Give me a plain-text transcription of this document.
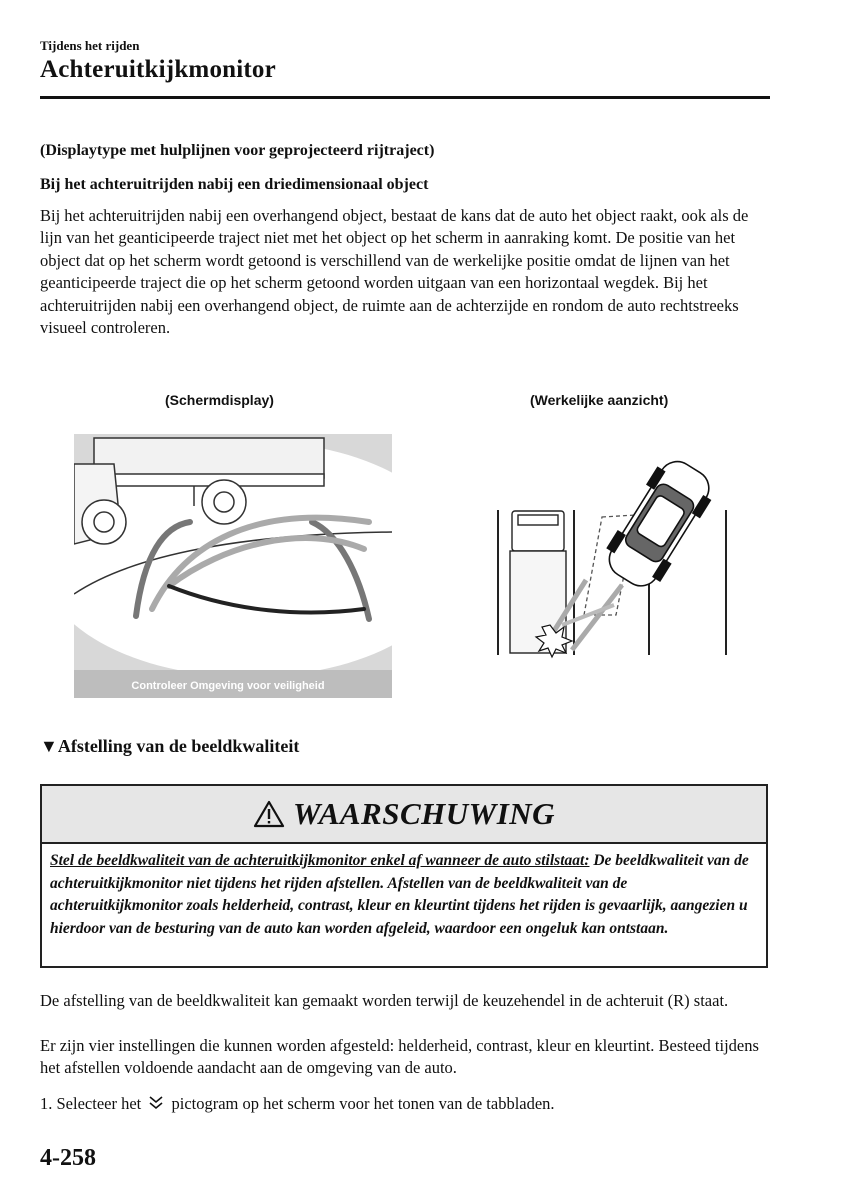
Tijdens het rijden
Achteruitkijkmonitor
(Displaytype met hulplijnen voor geprojecteerd rijtraject)
Bij het achteruitrijden nabij een driedimensionaal object
Bij het achteruitrijden nabij een overhangend object, bestaat de kans dat de auto het object raakt, ook als de lijn van het geanticipeerde traject niet met het object op het scherm in aanraking komt. De positie van het object dat op het scherm wordt getoond is verschillend van de werkelijke positie omdat de lijnen van het geanticipeerde traject die op het scherm getoond worden uitgaan van een horizontaal wegdek. Bij het achteruitrijden nabij een overhangend object, de ruimte aan de achterzijde en rondom de auto rechtstreeks visueel controleren.
(Schermdisplay)	(Werkelijke aanzicht)
Controleer Omgeving voor veiligheid
▼Afstelling van de beeldkwaliteit
WAARSCHUWING
Stel de beeldkwaliteit van de achteruitkijkmonitor enkel af wanneer de auto stilstaat: De beeldkwaliteit van de achteruitkijkmonitor niet tijdens het rijden afstellen. Afstellen van de beeldkwaliteit van de achteruitkijkmonitor zoals helderheid, contrast, kleur en kleurtint tijdens het rijden is gevaarlijk, aangezien u hierdoor van de besturing van de auto kan worden afgeleid, waardoor een ongeluk kan ontstaan.
De afstelling van de beeldkwaliteit kan gemaakt worden terwijl de keuzehendel in de achteruit (R) staat.
Er zijn vier instellingen die kunnen worden afgesteld: helderheid, contrast, kleur en kleurtint. Besteed tijdens het afstellen voldoende aandacht aan de omgeving van de auto.
1. Selecteer het pictogram op het scherm voor het tonen van de tabbladen.
4-258
